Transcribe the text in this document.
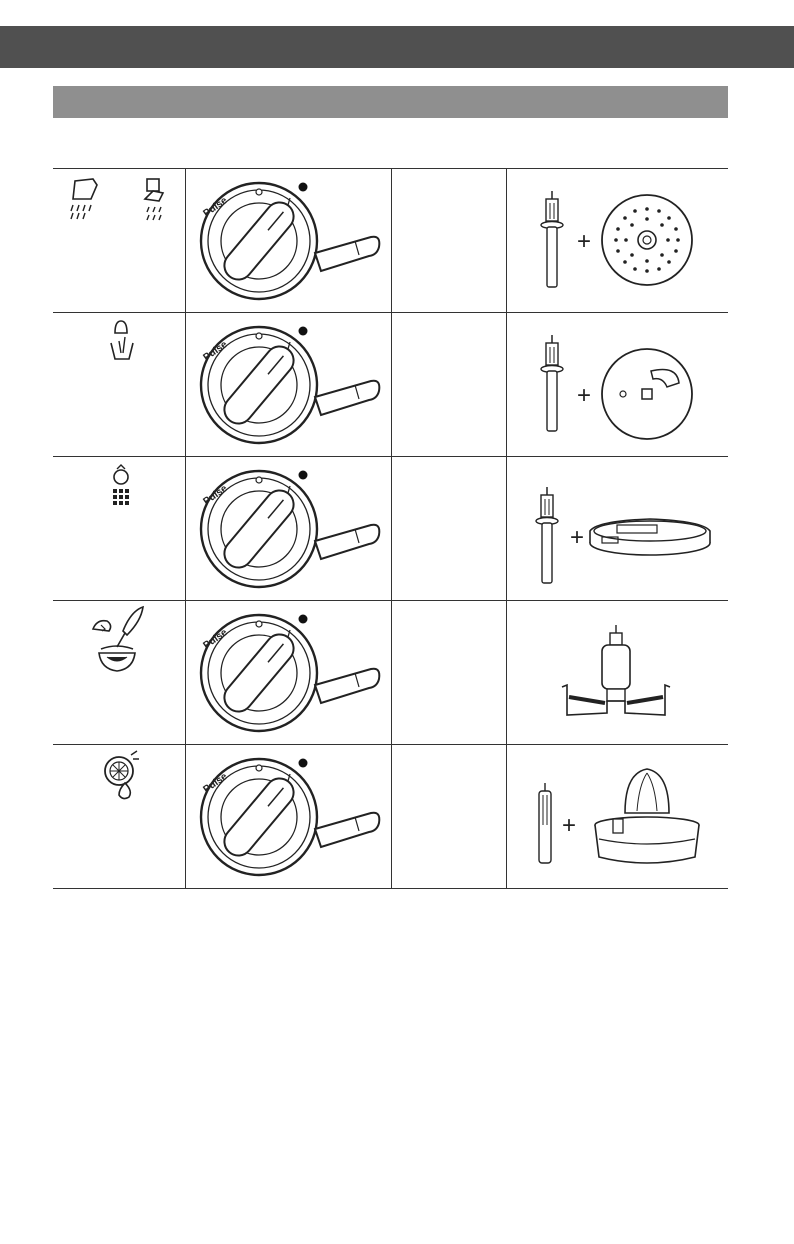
Pulse		+

Pulse		+

Pulse		+

Pulse

Pulse		+
